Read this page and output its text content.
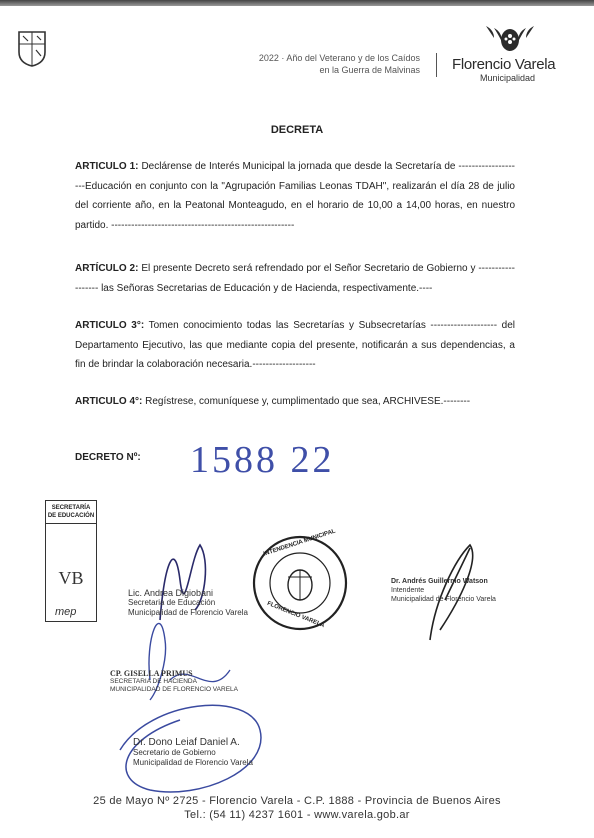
2022 · Año del Veterano y de los Caídos
en la Guerra de Malvinas Florencio Varela
Municipalidad
DECRETA
ARTICULO 1: Declárense de Interés Municipal la jornada que desde la Secretaría de --------------------Educación en conjunto con la "Agrupación Familias Leonas TDAH", realizarán el día 28 de julio del corriente año, en la Peatonal Monteagudo, en el horario de 10,00 a 14,00 horas, en nuestro partido. -------------------------------------------------------
ARTÍCULO 2: El presente Decreto será refrendado por el Señor Secretario de Gobierno y ------------------ las Señoras Secretarias de Educación y de Hacienda, respectivamente.----
ARTICULO 3°: Tomen conocimiento todas las Secretarías y Subsecretarías -------------------- del Departamento Ejecutivo, las que mediante copia del presente, notificarán a sus dependencias, a fin de brindar la colaboración necesaria.-------------------
ARTICULO 4°: Regístrese, comuníquese y, cumplimentado que sea, ARCHIVESE.--------
DECRETO Nº: 1588 22
SECRETARÍA DE EDUCACIÓN
VB
mep
Lic. Andrea Digiobani
Secretaria de Educación
Municipalidad de Florencio Varela
INTENDENCIA MUNICIPAL
FLORENCIO VARELA
Dr. Andrés Guillermo Watson
Intendente
Municipalidad de Florencio Varela
CP. GISELLA PRIMUS
SECRETARIA DE HACIENDA
MUNICIPALIDAD DE FLORENCIO VARELA
Dr. Dono Leiaf Daniel A.
Secretario de Gobierno
Municipalidad de Florencio Varela
25 de Mayo Nº 2725 - Florencio Varela - C.P. 1888 - Provincia de Buenos Aires
Tel.: (54 11) 4237 1601 - www.varela.gob.ar
